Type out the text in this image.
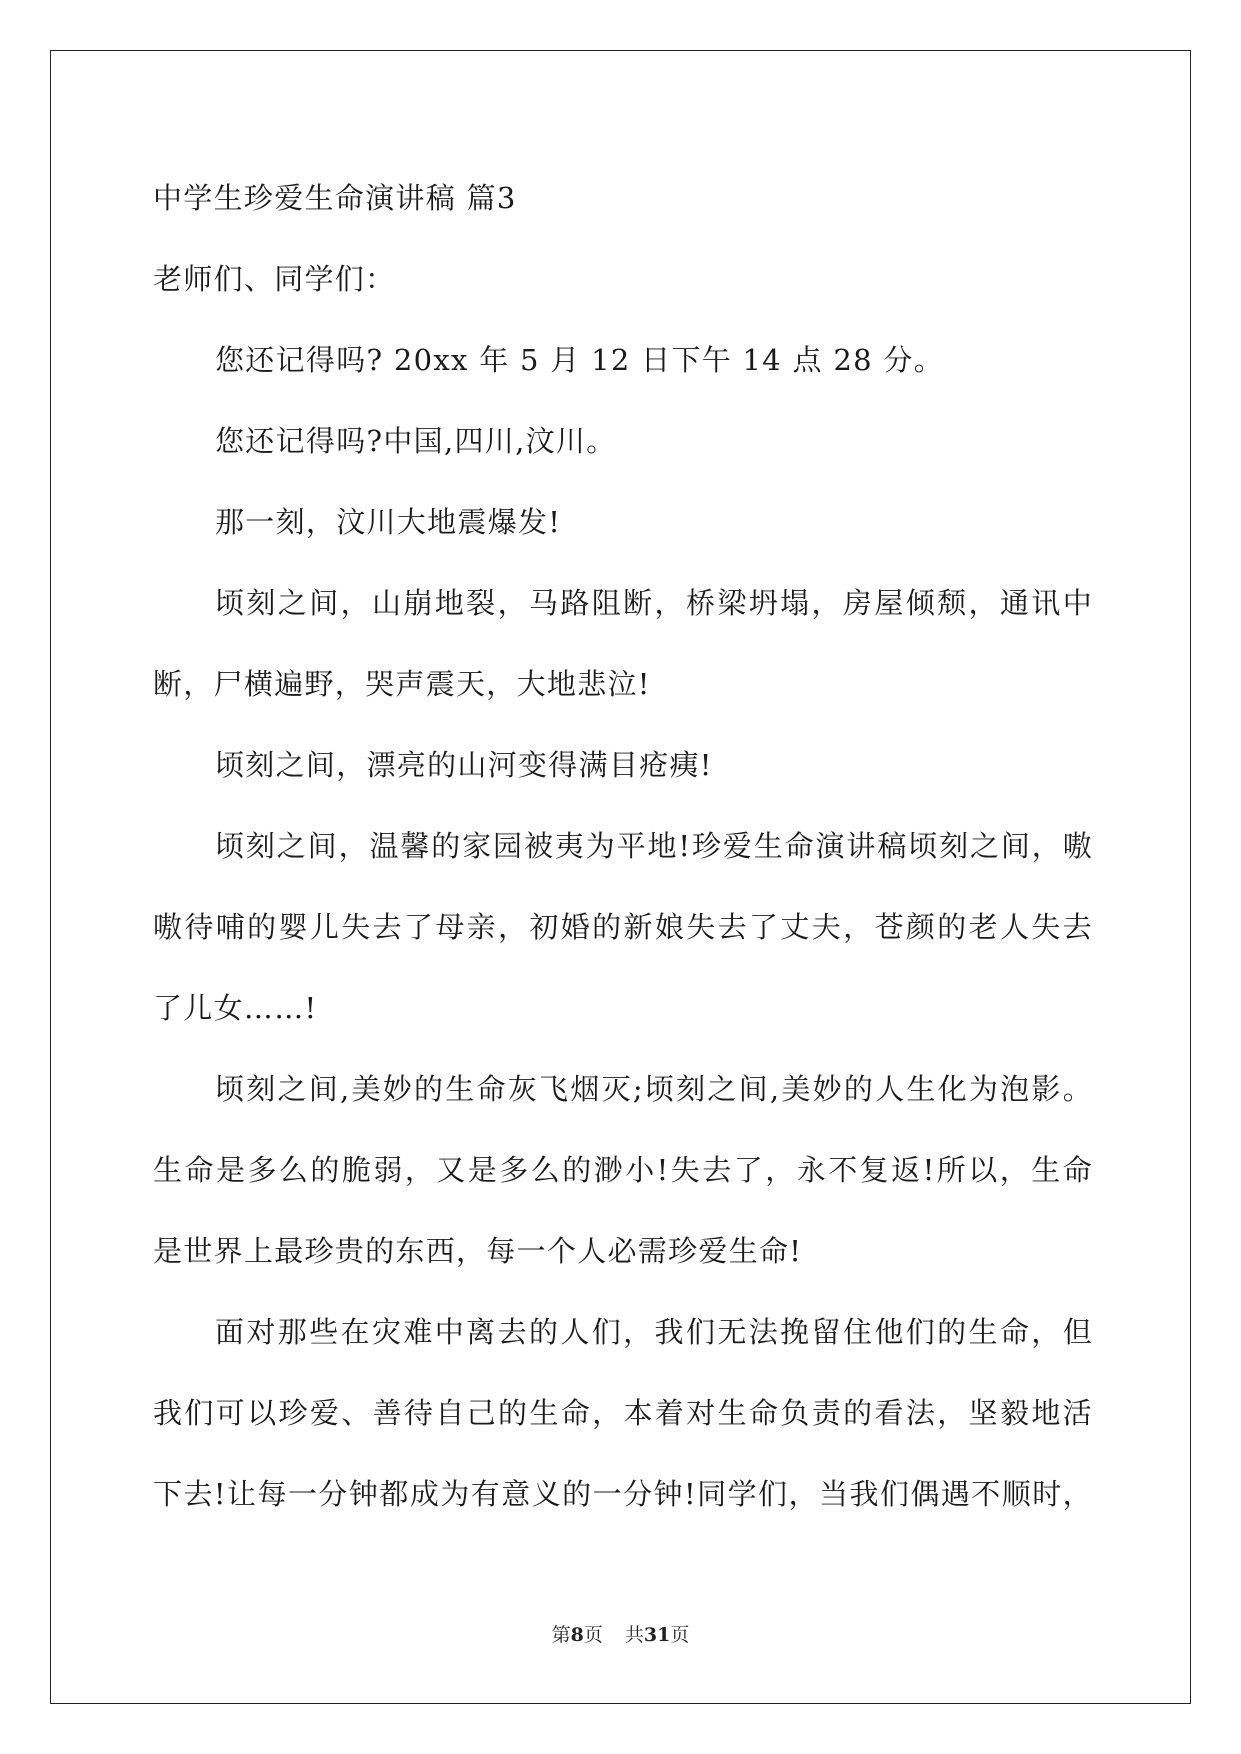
中学生珍爱生命演讲稿 篇3

老师们、同学们：

您还记得吗? 20xx 年 5 月 12 日下午 14 点 28 分。

您还记得吗?中国,四川,汶川。

那一刻，汶川大地震爆发!

顷刻之间，山崩地裂，马路阻断，桥梁坍塌，房屋倾颓，通讯中

断，尸横遍野，哭声震天，大地悲泣!

顷刻之间，漂亮的山河变得满目疮痍!

顷刻之间，温馨的家园被夷为平地!珍爱生命演讲稿顷刻之间，嗷

嗷待哺的婴儿失去了母亲，初婚的新娘失去了丈夫，苍颜的老人失去

了儿女……!

顷刻之间,美妙的生命灰飞烟灭;顷刻之间,美妙的人生化为泡影。

生命是多么的脆弱，又是多么的渺小!失去了，永不复返!所以，生命

是世界上最珍贵的东西，每一个人必需珍爱生命!

面对那些在灾难中离去的人们，我们无法挽留住他们的生命，但

我们可以珍爱、善待自己的生命，本着对生命负责的看法，坚毅地活

下去!让每一分钟都成为有意义的一分钟!同学们，当我们偶遇不顺时，

第8页 共31页
